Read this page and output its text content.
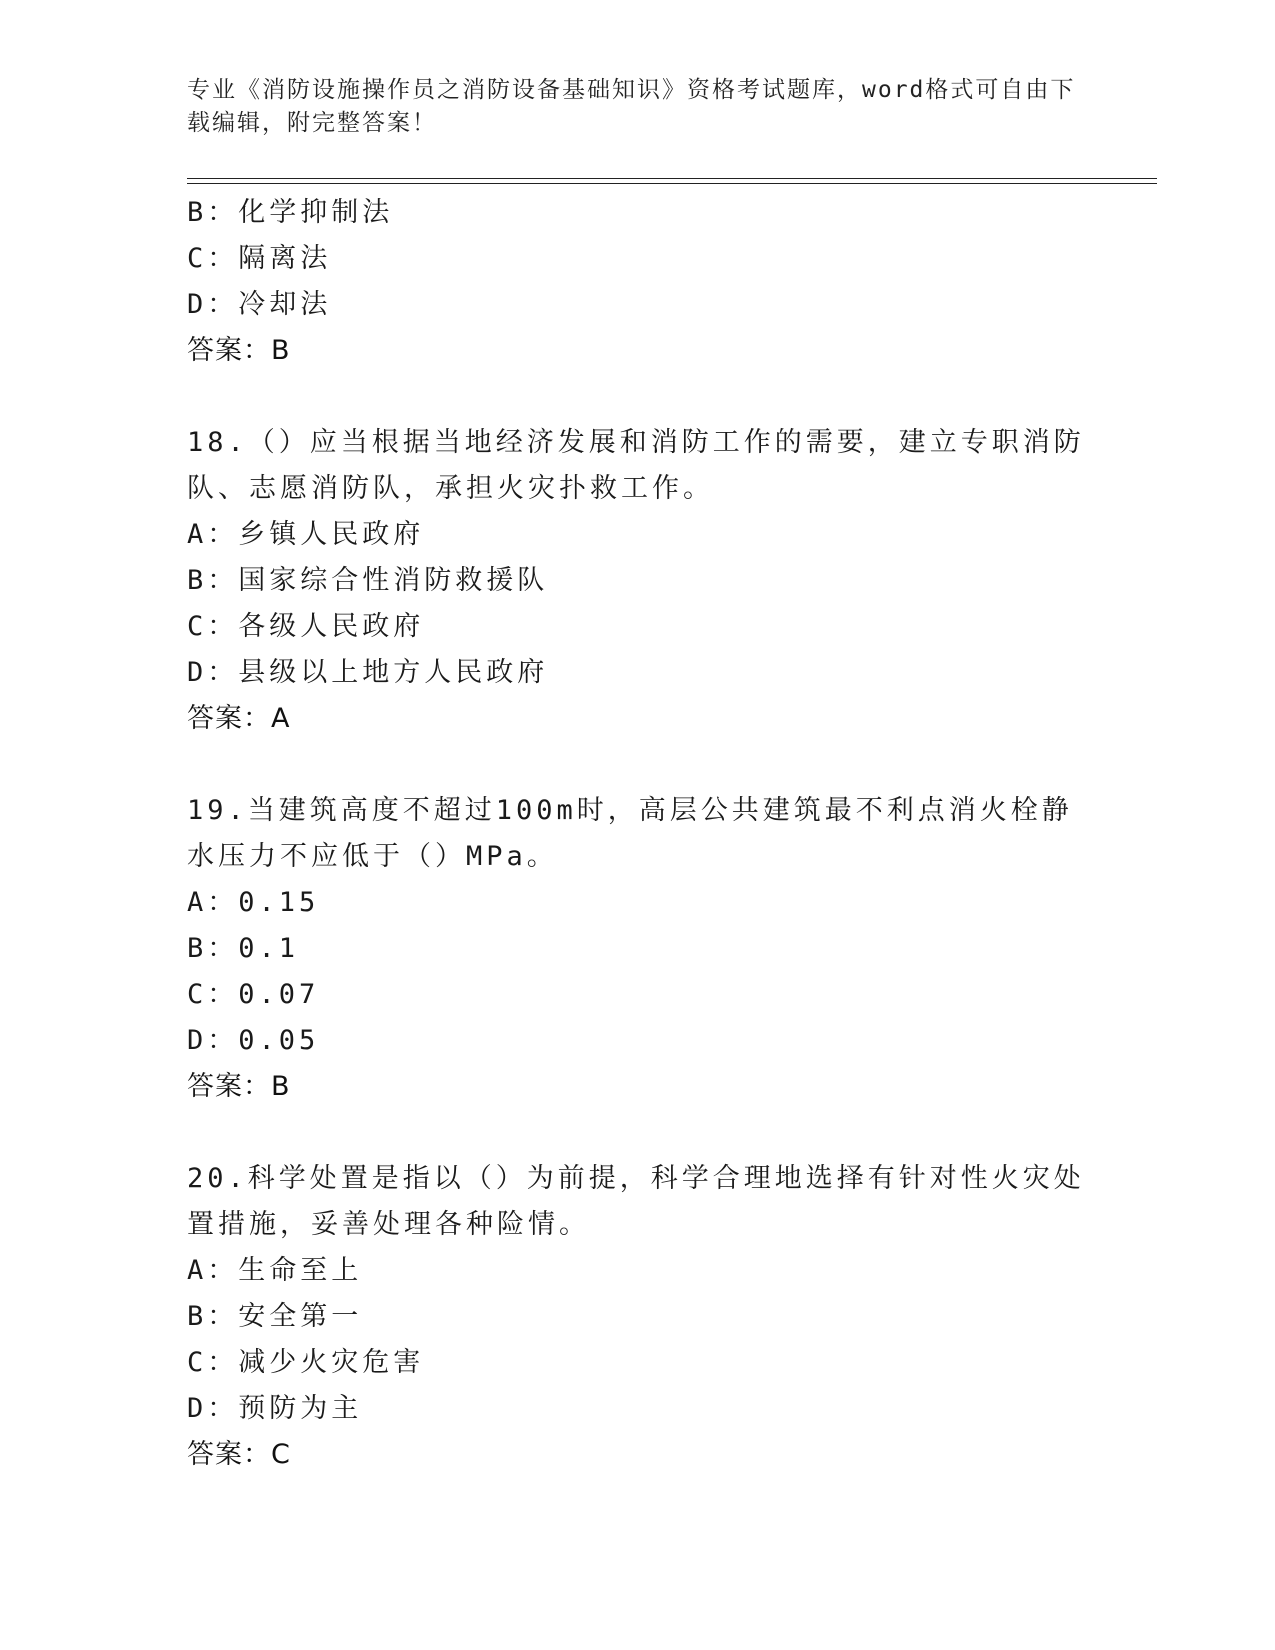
专业《消防设施操作员之消防设备基础知识》资格考试题库，word格式可自由下载编辑，附完整答案！
B：化学抑制法
C：隔离法
D：冷却法
答案：B
18.（）应当根据当地经济发展和消防工作的需要，建立专职消防队、志愿消防队，承担火灾扑救工作。
A：乡镇人民政府
B：国家综合性消防救援队
C：各级人民政府
D：县级以上地方人民政府
答案：A
19.当建筑高度不超过100m时，高层公共建筑最不利点消火栓静水压力不应低于（）MPa。
A：0.15
B：0.1
C：0.07
D：0.05
答案：B
20.科学处置是指以（）为前提，科学合理地选择有针对性火灾处置措施，妥善处理各种险情。
A：生命至上
B：安全第一
C：减少火灾危害
D：预防为主
答案：C
